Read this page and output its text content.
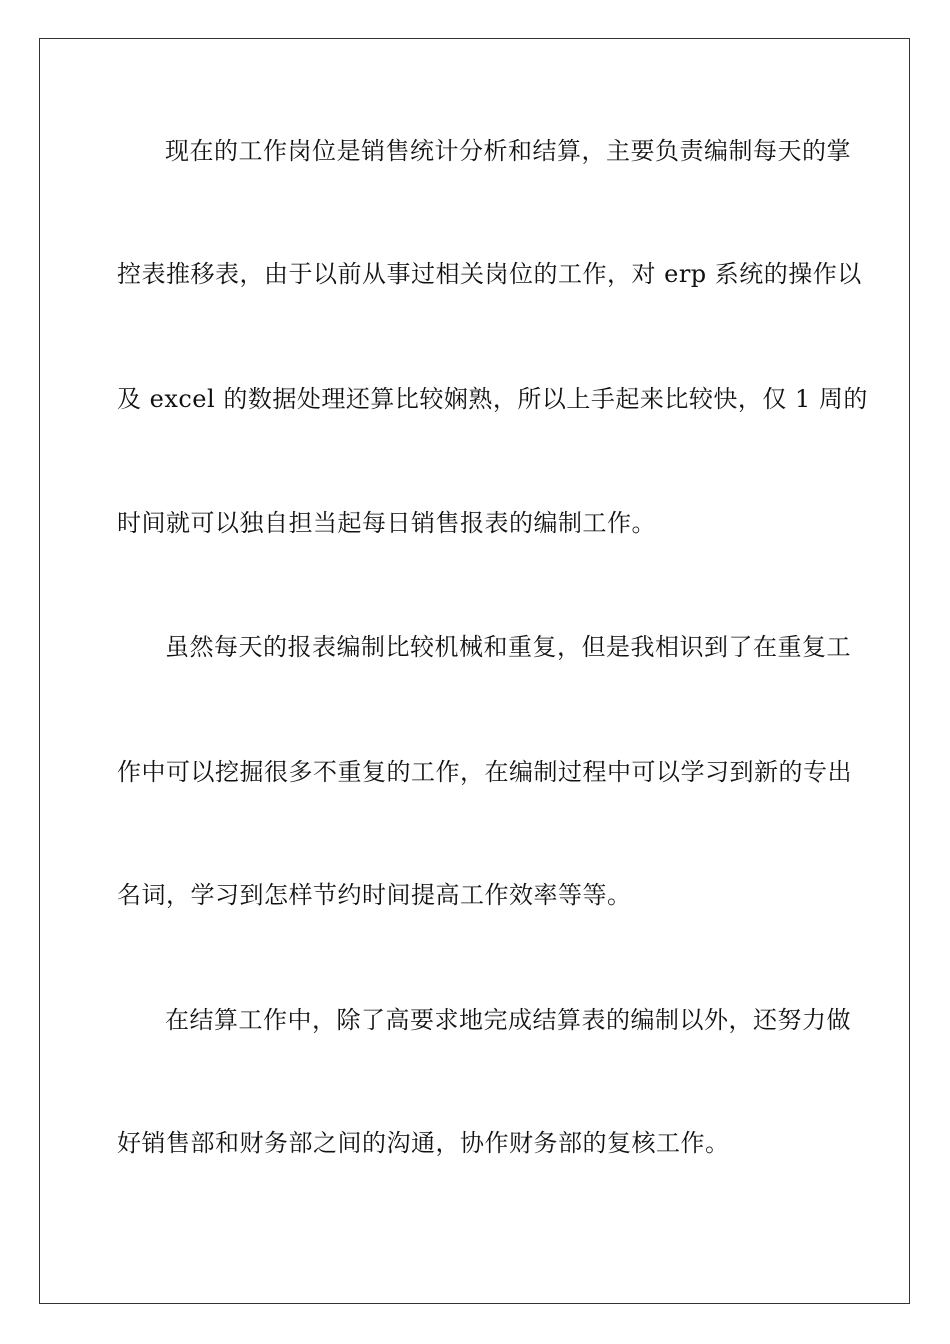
现在的工作岗位是销售统计分析和结算，主要负责编制每天的掌
控表推移表，由于以前从事过相关岗位的工作，对 erp 系统的操作以
及 excel 的数据处理还算比较娴熟，所以上手起来比较快，仅 1 周的
时间就可以独自担当起每日销售报表的编制工作。
虽然每天的报表编制比较机械和重复，但是我相识到了在重复工
作中可以挖掘很多不重复的工作，在编制过程中可以学习到新的专出
名词，学习到怎样节约时间提高工作效率等等。
在结算工作中，除了高要求地完成结算表的编制以外，还努力做
好销售部和财务部之间的沟通，协作财务部的复核工作。
